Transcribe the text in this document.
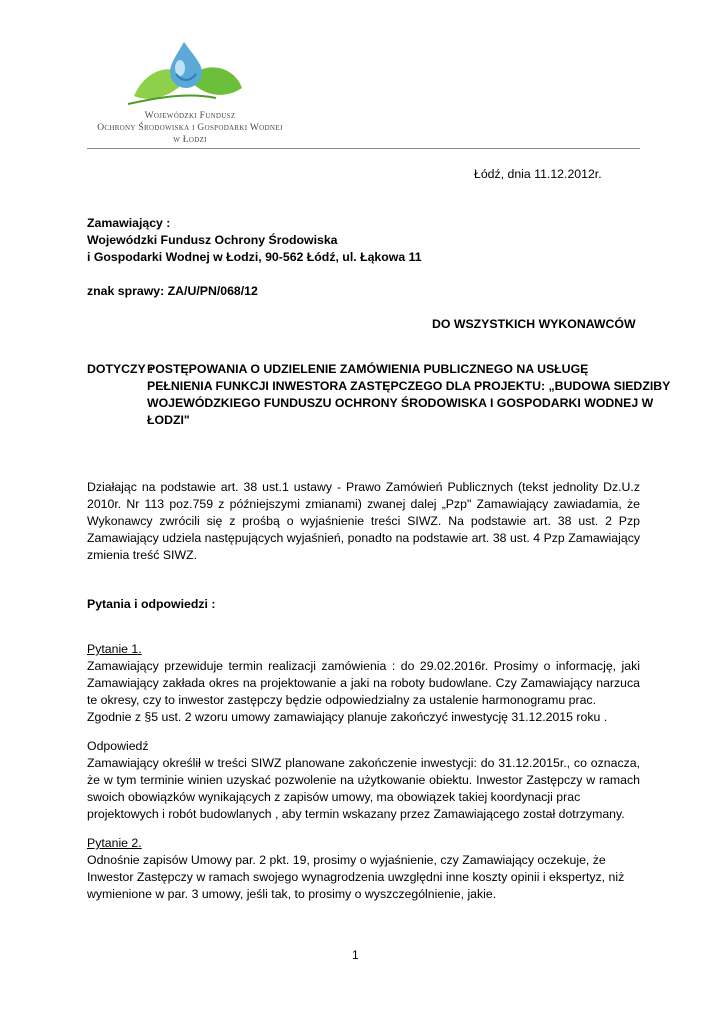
Wojewódzki Fundusz
Ochrony Środowiska i Gospodarki Wodnej
w Łodzi
Łódź, dnia 11.12.2012r.
Zamawiający :
Wojewódzki Fundusz Ochrony Środowiska
i Gospodarki Wodnej w Łodzi, 90-562 Łódź, ul. Łąkowa 11
znak sprawy: ZA/U/PN/068/12
DO WSZYSTKICH WYKONAWCÓW
DOTYCZY :
POSTĘPOWANIA O UDZIELENIE ZAMÓWIENIA PUBLICZNEGO NA USŁUGĘ
PEŁNIENIA FUNKCJI INWESTORA ZASTĘPCZEGO DLA PROJEKTU: „BUDOWA SIEDZIBY
WOJEWÓDZKIEGO FUNDUSZU OCHRONY ŚRODOWISKA I GOSPODARKI WODNEJ W
ŁODZI"
Działając na podstawie art. 38 ust.1 ustawy - Prawo Zamówień Publicznych (tekst jednolity Dz.U.z
2010r. Nr 113 poz.759 z późniejszymi zmianami) zwanej dalej „Pzp" Zamawiający zawiadamia, że
Wykonawcy zwrócili się z prośbą o wyjaśnienie treści SIWZ. Na podstawie art. 38 ust. 2 Pzp
Zamawiający udziela następujących wyjaśnień, ponadto na podstawie art. 38 ust. 4 Pzp Zamawiający
zmienia treść SIWZ.
Pytania i odpowiedzi :
Pytanie 1.
Zamawiający przewiduje termin realizacji zamówienia : do 29.02.2016r. Prosimy o informację, jaki
Zamawiający zakłada okres na projektowanie a jaki na roboty budowlane. Czy Zamawiający narzuca
te okresy, czy to inwestor zastępczy będzie odpowiedzialny za ustalenie harmonogramu prac.
Zgodnie z §5 ust. 2 wzoru umowy zamawiający planuje zakończyć inwestycję 31.12.2015 roku .
Odpowiedź
Zamawiający określił w treści SIWZ planowane zakończenie inwestycji: do 31.12.2015r., co oznacza,
że w tym terminie winien uzyskać pozwolenie na użytkowanie obiektu. Inwestor Zastępczy w ramach
swoich obowiązków wynikających z zapisów umowy, ma obowiązek takiej koordynacji prac
projektowych i robót budowlanych , aby termin wskazany przez Zamawiającego został dotrzymany.
Pytanie 2.
Odnośnie zapisów Umowy par. 2 pkt. 19, prosimy o wyjaśnienie, czy Zamawiający oczekuje, że
Inwestor Zastępczy w ramach swojego wynagrodzenia uwzględni inne koszty opinii i ekspertyz, niż
wymienione w par. 3 umowy, jeśli tak, to prosimy o wyszczególnienie, jakie.
1
